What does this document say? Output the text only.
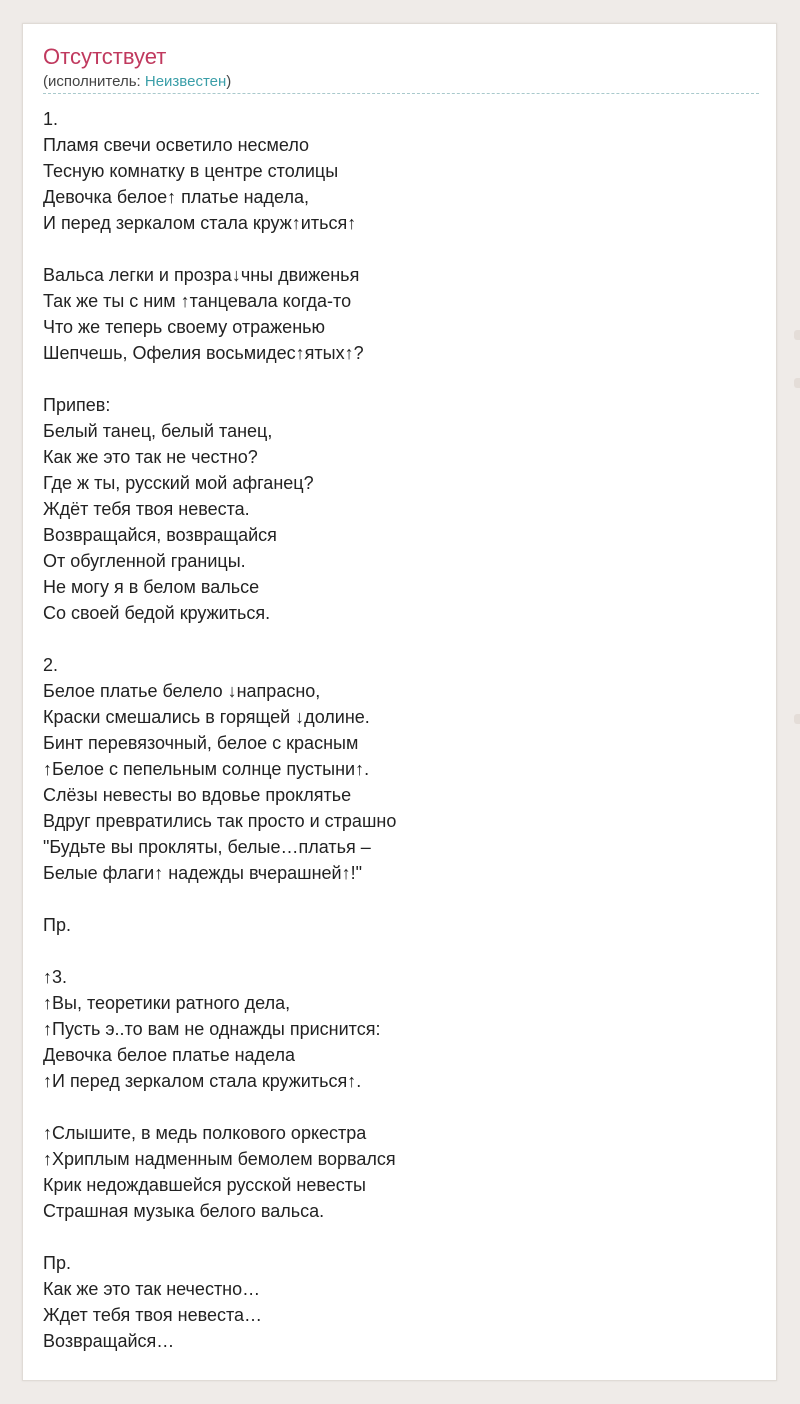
Отсутствует
(исполнитель: Неизвестен)
1.
Пламя свечи осветило несмело
Тесную комнатку в центре столицы
Девочка белое↑ платье надела,
И перед зеркалом стала круж↑иться↑

Вальса легки и прозра↓чны движенья
Так же ты с ним ↑танцевала когда-то
Что же теперь своему отраженью
Шепчешь, Офелия восьмидес↑ятых↑?

Припев:
Белый танец, белый танец,
Как же это так не честно?
Где ж ты, русский мой афганец?
Ждёт тебя твоя невеста.
Возвращайся, возвращайся
От обугленной границы.
Не могу я в белом вальсе
Со своей бедой кружиться.

2.
Белое платье белело ↓напрасно,
Краски смешались в горящей ↓долине.
Бинт перевязочный, белое с красным
↑Белое с пепельным солнце пустыни↑.
Слёзы невесты во вдовье проклятье
Вдруг превратились так просто и страшно
"Будьте вы прокляты, белые…платья –
Белые флаги↑ надежды вчерашней↑!"

Пр.

↑3.
↑Вы, теоретики ратного дела,
↑Пусть э..то вам не однажды приснится:
Девочка белое платье надела
↑И перед зеркалом стала кружиться↑.

↑Слышите, в медь полкового оркестра
↑Хриплым надменным бемолем ворвался
Крик недождавшейся русской невесты
Страшная музыка белого вальса.

Пр.
Как же это так нечестно…
Ждет тебя твоя невеста…
Возвращайся…
